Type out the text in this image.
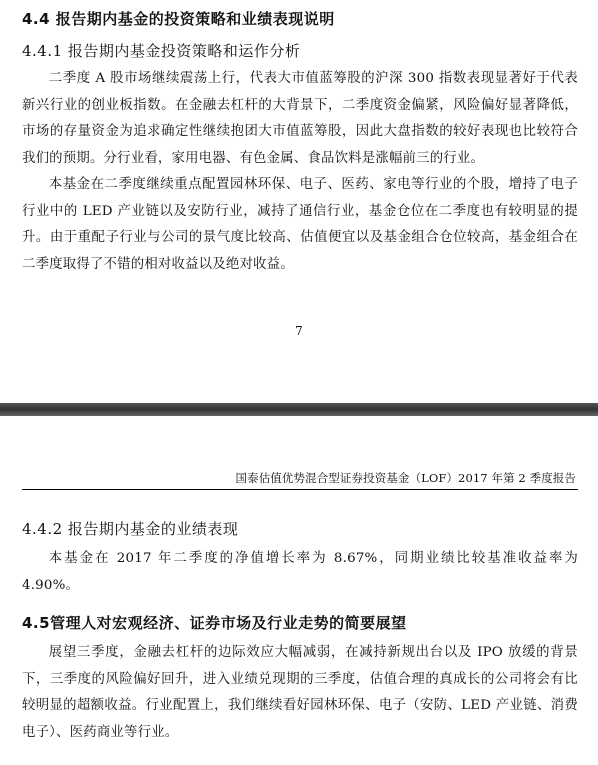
4.4 报告期内基金的投资策略和业绩表现说明
4.4.1 报告期内基金投资策略和运作分析

二季度 A 股市场继续震荡上行，代表大市值蓝筹股的沪深 300 指数表现显著好于代表新兴行业的创业板指数。在金融去杠杆的大背景下，二季度资金偏紧，风险偏好显著降低，市场的存量资金为追求确定性继续抱团大市值蓝筹股，因此大盘指数的较好表现也比较符合我们的预期。分行业看，家用电器、有色金属、食品饮料是涨幅前三的行业。

本基金在二季度继续重点配置园林环保、电子、医药、家电等行业的个股，增持了电子行业中的 LED 产业链以及安防行业，减持了通信行业，基金仓位在二季度也有较明显的提升。由于重配子行业与公司的景气度比较高、估值便宜以及基金组合仓位较高，基金组合在二季度取得了不错的相对收益以及绝对收益。

7
国泰估值优势混合型证券投资基金（LOF）2017 年第 2 季度报告
4.4.2 报告期内基金的业绩表现

本基金在 2017 年二季度的净值增长率为 8.67%，同期业绩比较基准收益率为 4.90%。

4.5管理人对宏观经济、证券市场及行业走势的简要展望

展望三季度，金融去杠杆的边际效应大幅减弱，在减持新规出台以及 IPO 放缓的背景下，三季度的风险偏好回升，进入业绩兑现期的三季度，估值合理的真成长的公司将会有比较明显的超额收益。行业配置上，我们继续看好园林环保、电子（安防、LED 产业链、消费电子）、医药商业等行业。
